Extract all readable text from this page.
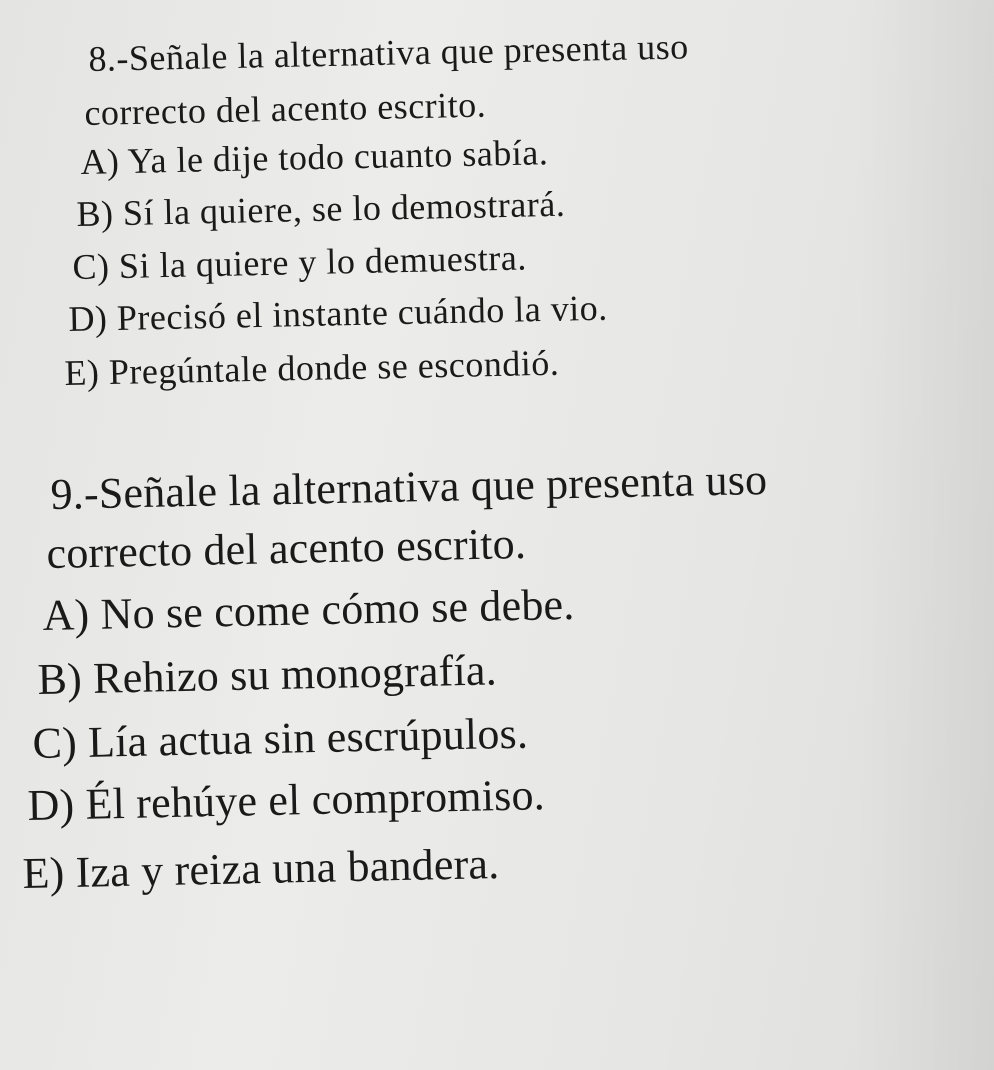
8.-Señale la alternativa que presenta uso
correcto del acento escrito.
A) Ya le dije todo cuanto sabía.
B) Sí la quiere, se lo demostrará.
C) Si la quiere y lo demuestra.
D) Precisó el instante cuándo la vio.
E) Pregúntale donde se escondió.
9.-Señale la alternativa que presenta uso
correcto del acento escrito.
A) No se come cómo se debe.
B) Rehizo su monografía.
C) Lía actua sin escrúpulos.
D) Él rehúye el compromiso.
E) Iza y reiza una bandera.
